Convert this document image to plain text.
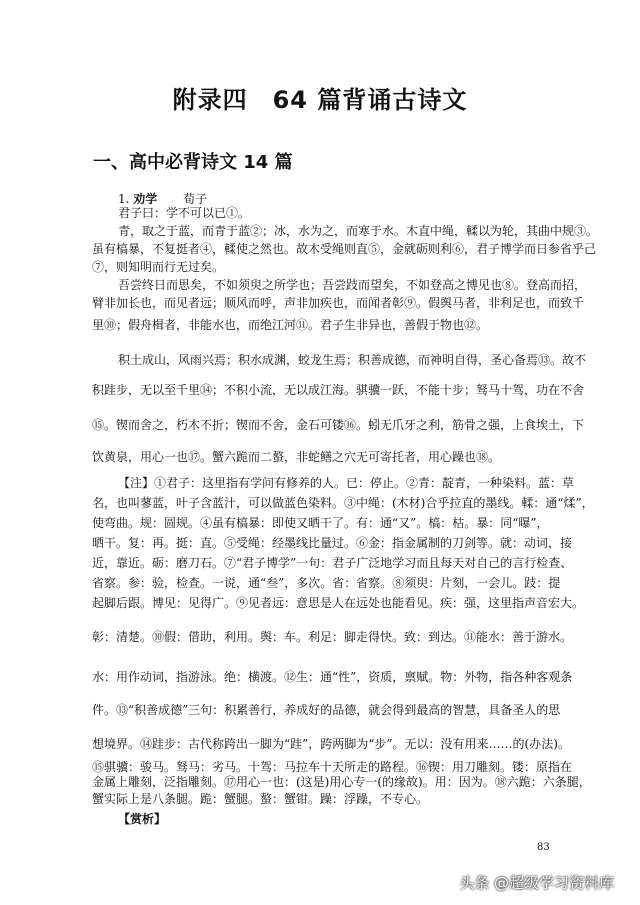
附录四　64 篇背诵古诗文
一、高中必背诗文 14 篇
1. 劝学 荀子
君子曰：学不可以已①。
青，取之于蓝，而青于蓝②；冰，水为之，而寒于水。木直中绳，輮以为轮，其曲中规③。
虽有槁暴，不复挺者④，輮使之然也。故木受绳则直⑤，金就砺则利⑥，君子博学而日参省乎己
⑦，则知明而行无过矣。
吾尝终日而思矣，不如须臾之所学也；吾尝跂而望矣，不如登高之博见也⑧。登高而招，
臂非加长也，而见者远；顺风而呼，声非加疾也，而闻者彰⑨。假舆马者，非利足也，而致千
里⑩；假舟楫者，非能水也，而绝江河⑪。君子生非异也，善假于物也⑫。
积土成山，风雨兴焉；积水成渊，蛟龙生焉；积善成德，而神明自得，圣心备焉⑬。故不
积跬步，无以至千里⑭；不积小流，无以成江海。骐骥一跃，不能十步；驽马十驾，功在不舍
⑮。锲而舍之，朽木不折；锲而不舍，金石可镂⑯。蚓无爪牙之利，筋骨之强，上食埃土，下
饮黄泉，用心一也⑰。蟹六跪而二螯，非蛇鳝之穴无可寄托者，用心躁也⑱。
【注】①君子：这里指有学问有修养的人。已：停止。②青：靛青，一种染料。蓝：草
名，也叫蓼蓝，叶子含蓝汁，可以做蓝色染料。③中绳：(木材)合乎拉直的墨线。輮：通“煣”，
使弯曲。规：圆规。④虽有槁暴：即使又晒干了。有：通“又”。槁：枯。暴：同“曝”，
晒干。复：再。挺：直。⑤受绳：经墨线比量过。⑥金：指金属制的刀剑等。就：动词，接
近，靠近。砺：磨刀石。⑦“君子博学”一句：君子广泛地学习而且每天对自己的言行检查、
省察。参：验，检查。一说，通“叁”，多次。省：省察。⑧须臾：片刻，一会儿。跂：提
起脚后跟。博见：见得广。⑨见者远：意思是人在远处也能看见。疾：强，这里指声音宏大。
彰：清楚。⑩假：借助，利用。舆：车。利足：脚走得快。致：到达。⑪能水：善于游水。
水：用作动词，指游泳。绝：横渡。⑫生：通“性”，资质，禀赋。物：外物，指各种客观条
件。⑬“积善成德”三句：积累善行，养成好的品德，就会得到最高的智慧，具备圣人的思
想境界。⑭跬步：古代称跨出一脚为“跬”，跨两脚为“步”。无以：没有用来……的(办法)。
⑮骐骥：骏马。驽马：劣马。十驾：马拉车十天所走的路程。⑯锲：用刀雕刻。镂：原指在
金属上雕刻，泛指雕刻。⑰用心一也：(这是)用心专一(的缘故)。用：因为。⑱六跪：六条腿，
蟹实际上是八条腿。跪：蟹腿。螯：蟹钳。躁：浮躁，不专心。
【赏析】
83
头条 @超级学习资料库
